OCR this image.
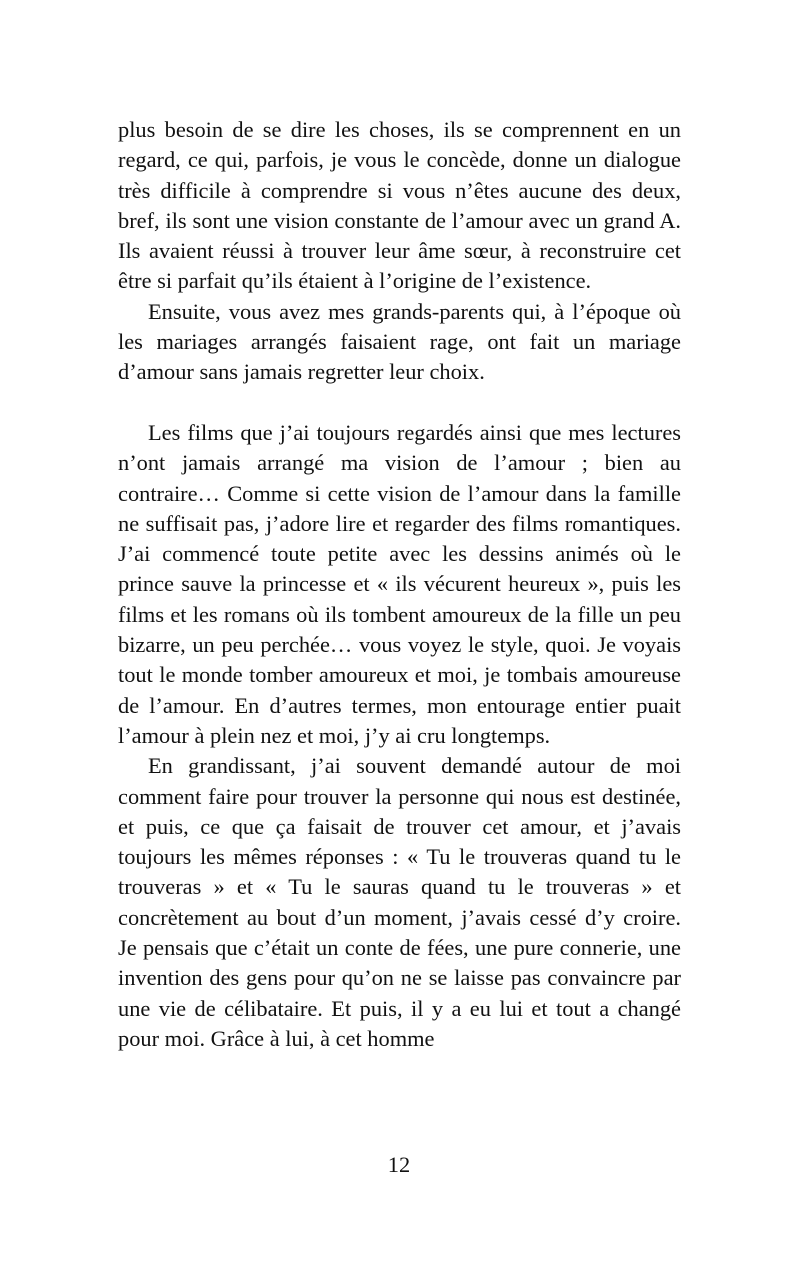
plus besoin de se dire les choses, ils se comprennent en un regard, ce qui, parfois, je vous le concède, donne un dialogue très difficile à comprendre si vous n’êtes aucune des deux, bref, ils sont une vision constante de l’amour avec un grand A. Ils avaient réussi à trouver leur âme sœur, à reconstruire cet être si parfait qu’ils étaient à l’origine de l’existence.

Ensuite, vous avez mes grands-parents qui, à l’époque où les mariages arrangés faisaient rage, ont fait un mariage d’amour sans jamais regretter leur choix.

Les films que j’ai toujours regardés ainsi que mes lectures n’ont jamais arrangé ma vision de l’amour ; bien au contraire… Comme si cette vision de l’amour dans la famille ne suffisait pas, j’adore lire et regarder des films romantiques. J’ai commencé toute petite avec les dessins animés où le prince sauve la princesse et « ils vécurent heureux », puis les films et les romans où ils tombent amoureux de la fille un peu bizarre, un peu perchée… vous voyez le style, quoi. Je voyais tout le monde tomber amoureux et moi, je tombais amoureuse de l’amour. En d’autres termes, mon entourage entier puait l’amour à plein nez et moi, j’y ai cru longtemps.

En grandissant, j’ai souvent demandé autour de moi comment faire pour trouver la personne qui nous est destinée, et puis, ce que ça faisait de trouver cet amour, et j’avais toujours les mêmes réponses : « Tu le trouveras quand tu le trouveras » et « Tu le sauras quand tu le trouveras » et concrètement au bout d’un moment, j’avais cessé d’y croire. Je pensais que c’était un conte de fées, une pure connerie, une invention des gens pour qu’on ne se laisse pas convaincre par une vie de célibataire. Et puis, il y a eu lui et tout a changé pour moi. Grâce à lui, à cet homme

12
